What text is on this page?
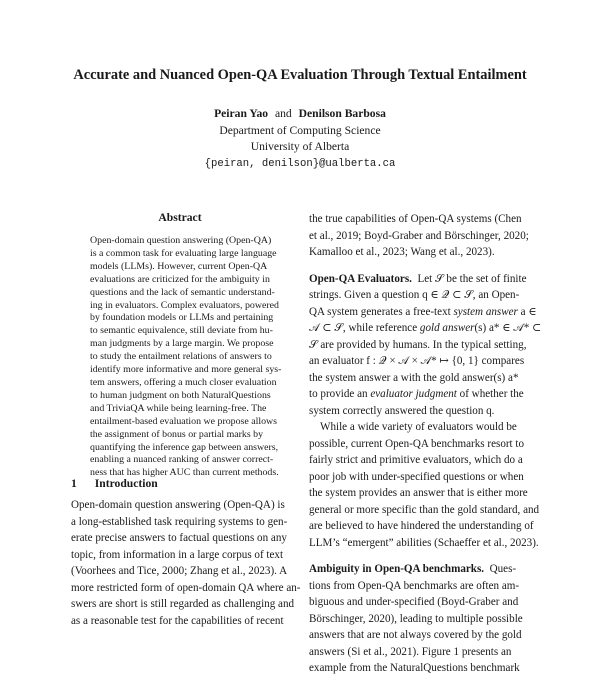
Accurate and Nuanced Open-QA Evaluation Through Textual Entailment
Peiran Yao and Denilson Barbosa
Department of Computing Science
University of Alberta
{peiran, denilson}@ualberta.ca
Abstract
Open-domain question answering (Open-QA)
is a common task for evaluating large language
models (LLMs). However, current Open-QA
evaluations are criticized for the ambiguity in
questions and the lack of semantic understand-
ing in evaluators. Complex evaluators, powered
by foundation models or LLMs and pertaining
to semantic equivalence, still deviate from hu-
man judgments by a large margin. We propose
to study the entailment relations of answers to
identify more informative and more general sys-
tem answers, offering a much closer evaluation
to human judgment on both NaturalQuestions
and TriviaQA while being learning-free. The
entailment-based evaluation we propose allows
the assignment of bonus or partial marks by
quantifying the inference gap between answers,
enabling a nuanced ranking of answer correct-
ness that has higher AUC than current methods.
1 Introduction
Open-domain question answering (Open-QA) is
a long-established task requiring systems to gen-
erate precise answers to factual questions on any
topic, from information in a large corpus of text
(Voorhees and Tice, 2000; Zhang et al., 2023). A
more restricted form of open-domain QA where an-
swers are short is still regarded as challenging and
as a reasonable test for the capabilities of recent
the true capabilities of Open-QA systems (Chen
et al., 2019; Boyd-Graber and Börschinger, 2020;
Kamalloo et al., 2023; Wang et al., 2023).
Open-QA Evaluators. Let 𝒮 be the set of finite
strings. Given a question q ∈ 𝒬 ⊂ 𝒮, an Open-
QA system generates a free-text system answer a ∈
𝒜 ⊂ 𝒮, while reference gold answer(s) a* ∈ 𝒜* ⊂
𝒮 are provided by humans. In the typical setting,
an evaluator f : 𝒬 × 𝒜 × 𝒜* ↦ {0, 1} compares
the system answer a with the gold answer(s) a*
to provide an evaluator judgment of whether the
system correctly answered the question q.
While a wide variety of evaluators would be
possible, current Open-QA benchmarks resort to
fairly strict and primitive evaluators, which do a
poor job with under-specified questions or when
the system provides an answer that is either more
general or more specific than the gold standard, and
are believed to have hindered the understanding of
LLM’s “emergent” abilities (Schaeffer et al., 2023).
Ambiguity in Open-QA benchmarks. Ques-
tions from Open-QA benchmarks are often am-
biguous and under-specified (Boyd-Graber and
Börschinger, 2020), leading to multiple possible
answers that are not always covered by the gold
answers (Si et al., 2021). Figure 1 presents an
example from the NaturalQuestions benchmark
